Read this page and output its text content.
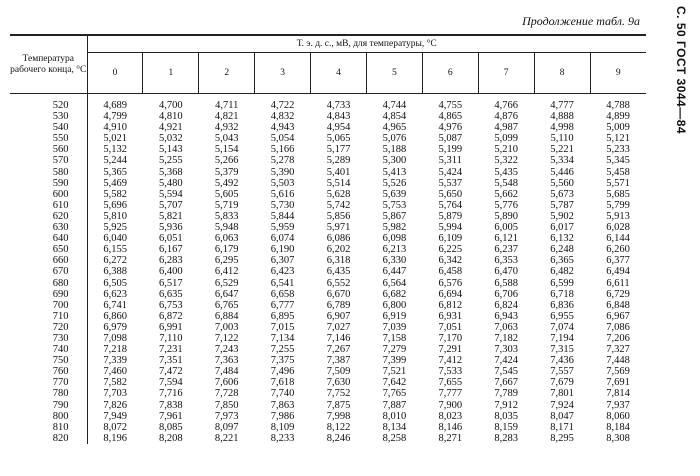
Продолжение табл. 9а	С. 50 ГОСТ 3044—84
Температура рабочего конца, °С	Т. э. д. с., мВ, для температуры, °С									
	0	1	2	3	4	5	6	7	8	9
520	4,689	4,700	4,711	4,722	4,733	4,744	4,755	4,766	4,777	4,788
530	4,799	4,810	4,821	4,832	4,843	4,854	4,865	4,876	4,888	4,899
540	4,910	4,921	4,932	4,943	4,954	4,965	4,976	4,987	4,998	5,009
550	5,021	5,032	5,043	5,054	5,065	5,076	5,087	5,099	5,110	5,121
560	5,132	5,143	5,154	5,166	5,177	5,188	5,199	5,210	5,221	5,233
570	5,244	5,255	5,266	5,278	5,289	5,300	5,311	5,322	5,334	5,345
580	5,365	5,368	5,379	5,390	5,401	5,413	5,424	5,435	5,446	5,458
590	5,469	5,480	5,492	5,503	5,514	5,526	5,537	5,548	5,560	5,571
600	5,582	5,594	5,605	5,616	5,628	5,639	5,650	5,662	5,673	5,685
610	5,696	5,707	5,719	5,730	5,742	5,753	5,764	5,776	5,787	5,799
620	5,810	5,821	5,833	5,844	5,856	5,867	5,879	5,890	5,902	5,913
630	5,925	5,936	5,948	5,959	5,971	5,982	5,994	6,005	6,017	6,028
640	6,040	6,051	6,063	6,074	6,086	6,098	6,109	6,121	6,132	6,144
650	6,155	6,167	6,179	6,190	6,202	6,213	6,225	6,237	6,248	6,260
660	6,272	6,283	6,295	6,307	6,318	6,330	6,342	6,353	6,365	6,377
670	6,388	6,400	6,412	6,423	6,435	6,447	6,458	6,470	6,482	6,494
680	6,505	6,517	6,529	6,541	6,552	6,564	6,576	6,588	6,599	6,611
690	6,623	6,635	6,647	6,658	6,670	6,682	6,694	6,706	6,718	6,729
700	6,741	6,753	6,765	6,777	6,789	6,800	6,812	6,824	6,836	6,848
710	6,860	6,872	6,884	6,895	6,907	6,919	6,931	6,943	6,955	6,967
720	6,979	6,991	7,003	7,015	7,027	7,039	7,051	7,063	7,074	7,086
730	7,098	7,110	7,122	7,134	7,146	7,158	7,170	7,182	7,194	7,206
740	7,218	7,231	7,243	7,255	7,267	7,279	7,291	7,303	7,315	7,327
750	7,339	7,351	7,363	7,375	7,387	7,399	7,412	7,424	7,436	7,448
760	7,460	7,472	7,484	7,496	7,509	7,521	7,533	7,545	7,557	7,569
770	7,582	7,594	7,606	7,618	7,630	7,642	7,655	7,667	7,679	7,691
780	7,703	7,716	7,728	7,740	7,752	7,765	7,777	7,789	7,801	7,814
790	7,826	7,838	7,850	7,863	7,875	7,887	7,900	7,912	7,924	7,937
800	7,949	7,961	7,973	7,986	7,998	8,010	8,023	8,035	8,047	8,060
810	8,072	8,085	8,097	8,109	8,122	8,134	8,146	8,159	8,171	8,184
820	8,196	8,208	8,221	8,233	8,246	8,258	8,271	8,283	8,295	8,308
